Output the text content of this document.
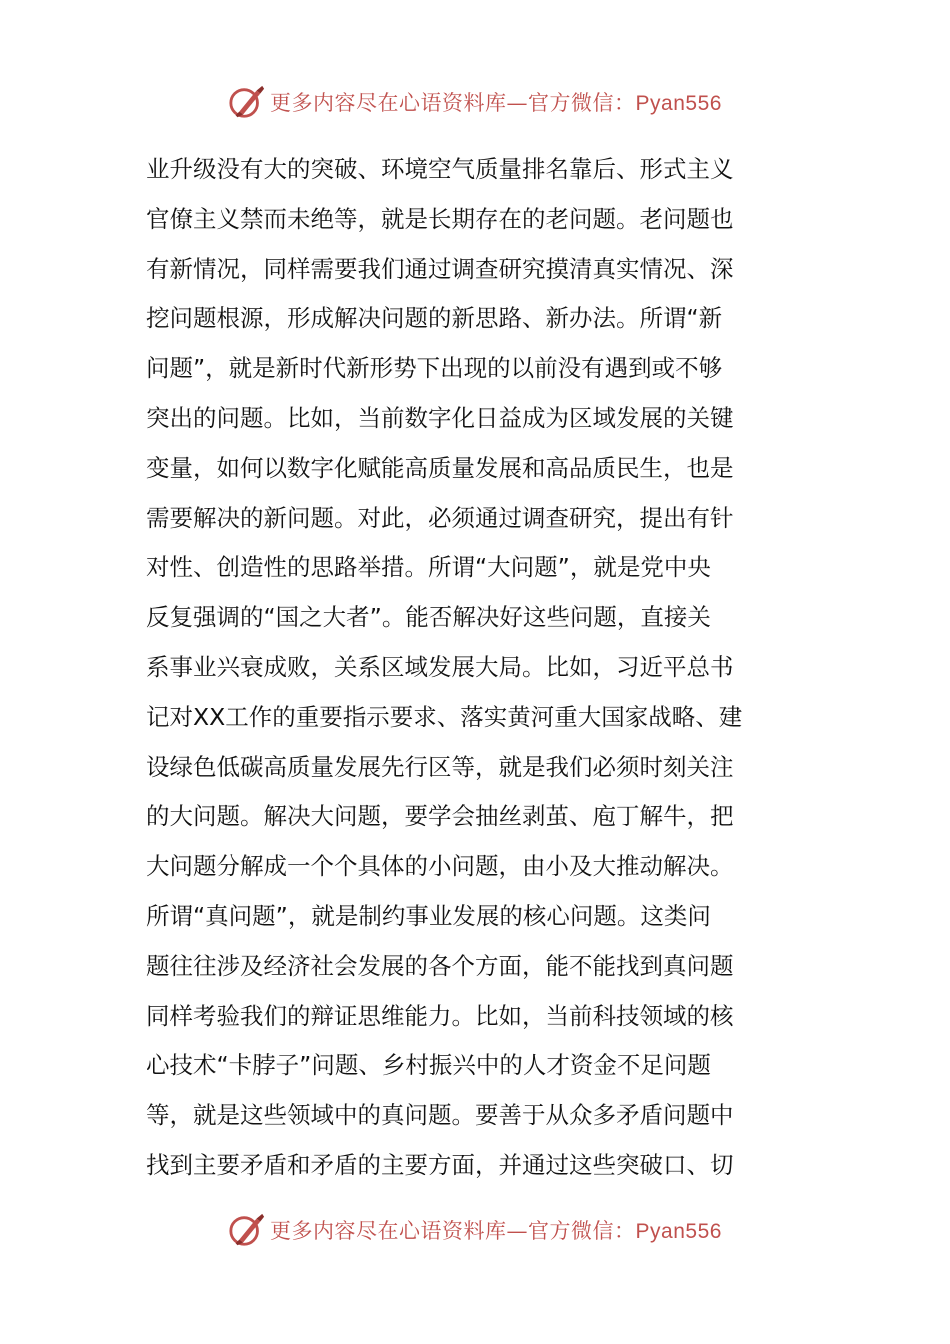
更多内容尽在心语资料库—官方微信：Pyan556
业升级没有大的突破、环境空气质量排名靠后、形式主义
官僚主义禁而未绝等，就是长期存在的老问题。老问题也
有新情况，同样需要我们通过调查研究摸清真实情况、深
挖问题根源，形成解决问题的新思路、新办法。所谓“新
问题”，就是新时代新形势下出现的以前没有遇到或不够
突出的问题。比如，当前数字化日益成为区域发展的关键
变量，如何以数字化赋能高质量发展和高品质民生，也是
需要解决的新问题。对此，必须通过调查研究，提出有针
对性、创造性的思路举措。所谓“大问题”，就是党中央
反复强调的“国之大者”。能否解决好这些问题，直接关
系事业兴衰成败，关系区域发展大局。比如，习近平总书
记对XX工作的重要指示要求、落实黄河重大国家战略、建
设绿色低碳高质量发展先行区等，就是我们必须时刻关注
的大问题。解决大问题，要学会抽丝剥茧、庖丁解牛，把
大问题分解成一个个具体的小问题，由小及大推动解决。
所谓“真问题”，就是制约事业发展的核心问题。这类问
题往往涉及经济社会发展的各个方面，能不能找到真问题
同样考验我们的辩证思维能力。比如，当前科技领域的核
心技术“卡脖子”问题、乡村振兴中的人才资金不足问题
等，就是这些领域中的真问题。要善于从众多矛盾问题中
找到主要矛盾和矛盾的主要方面，并通过这些突破口、切
更多内容尽在心语资料库—官方微信：Pyan556
